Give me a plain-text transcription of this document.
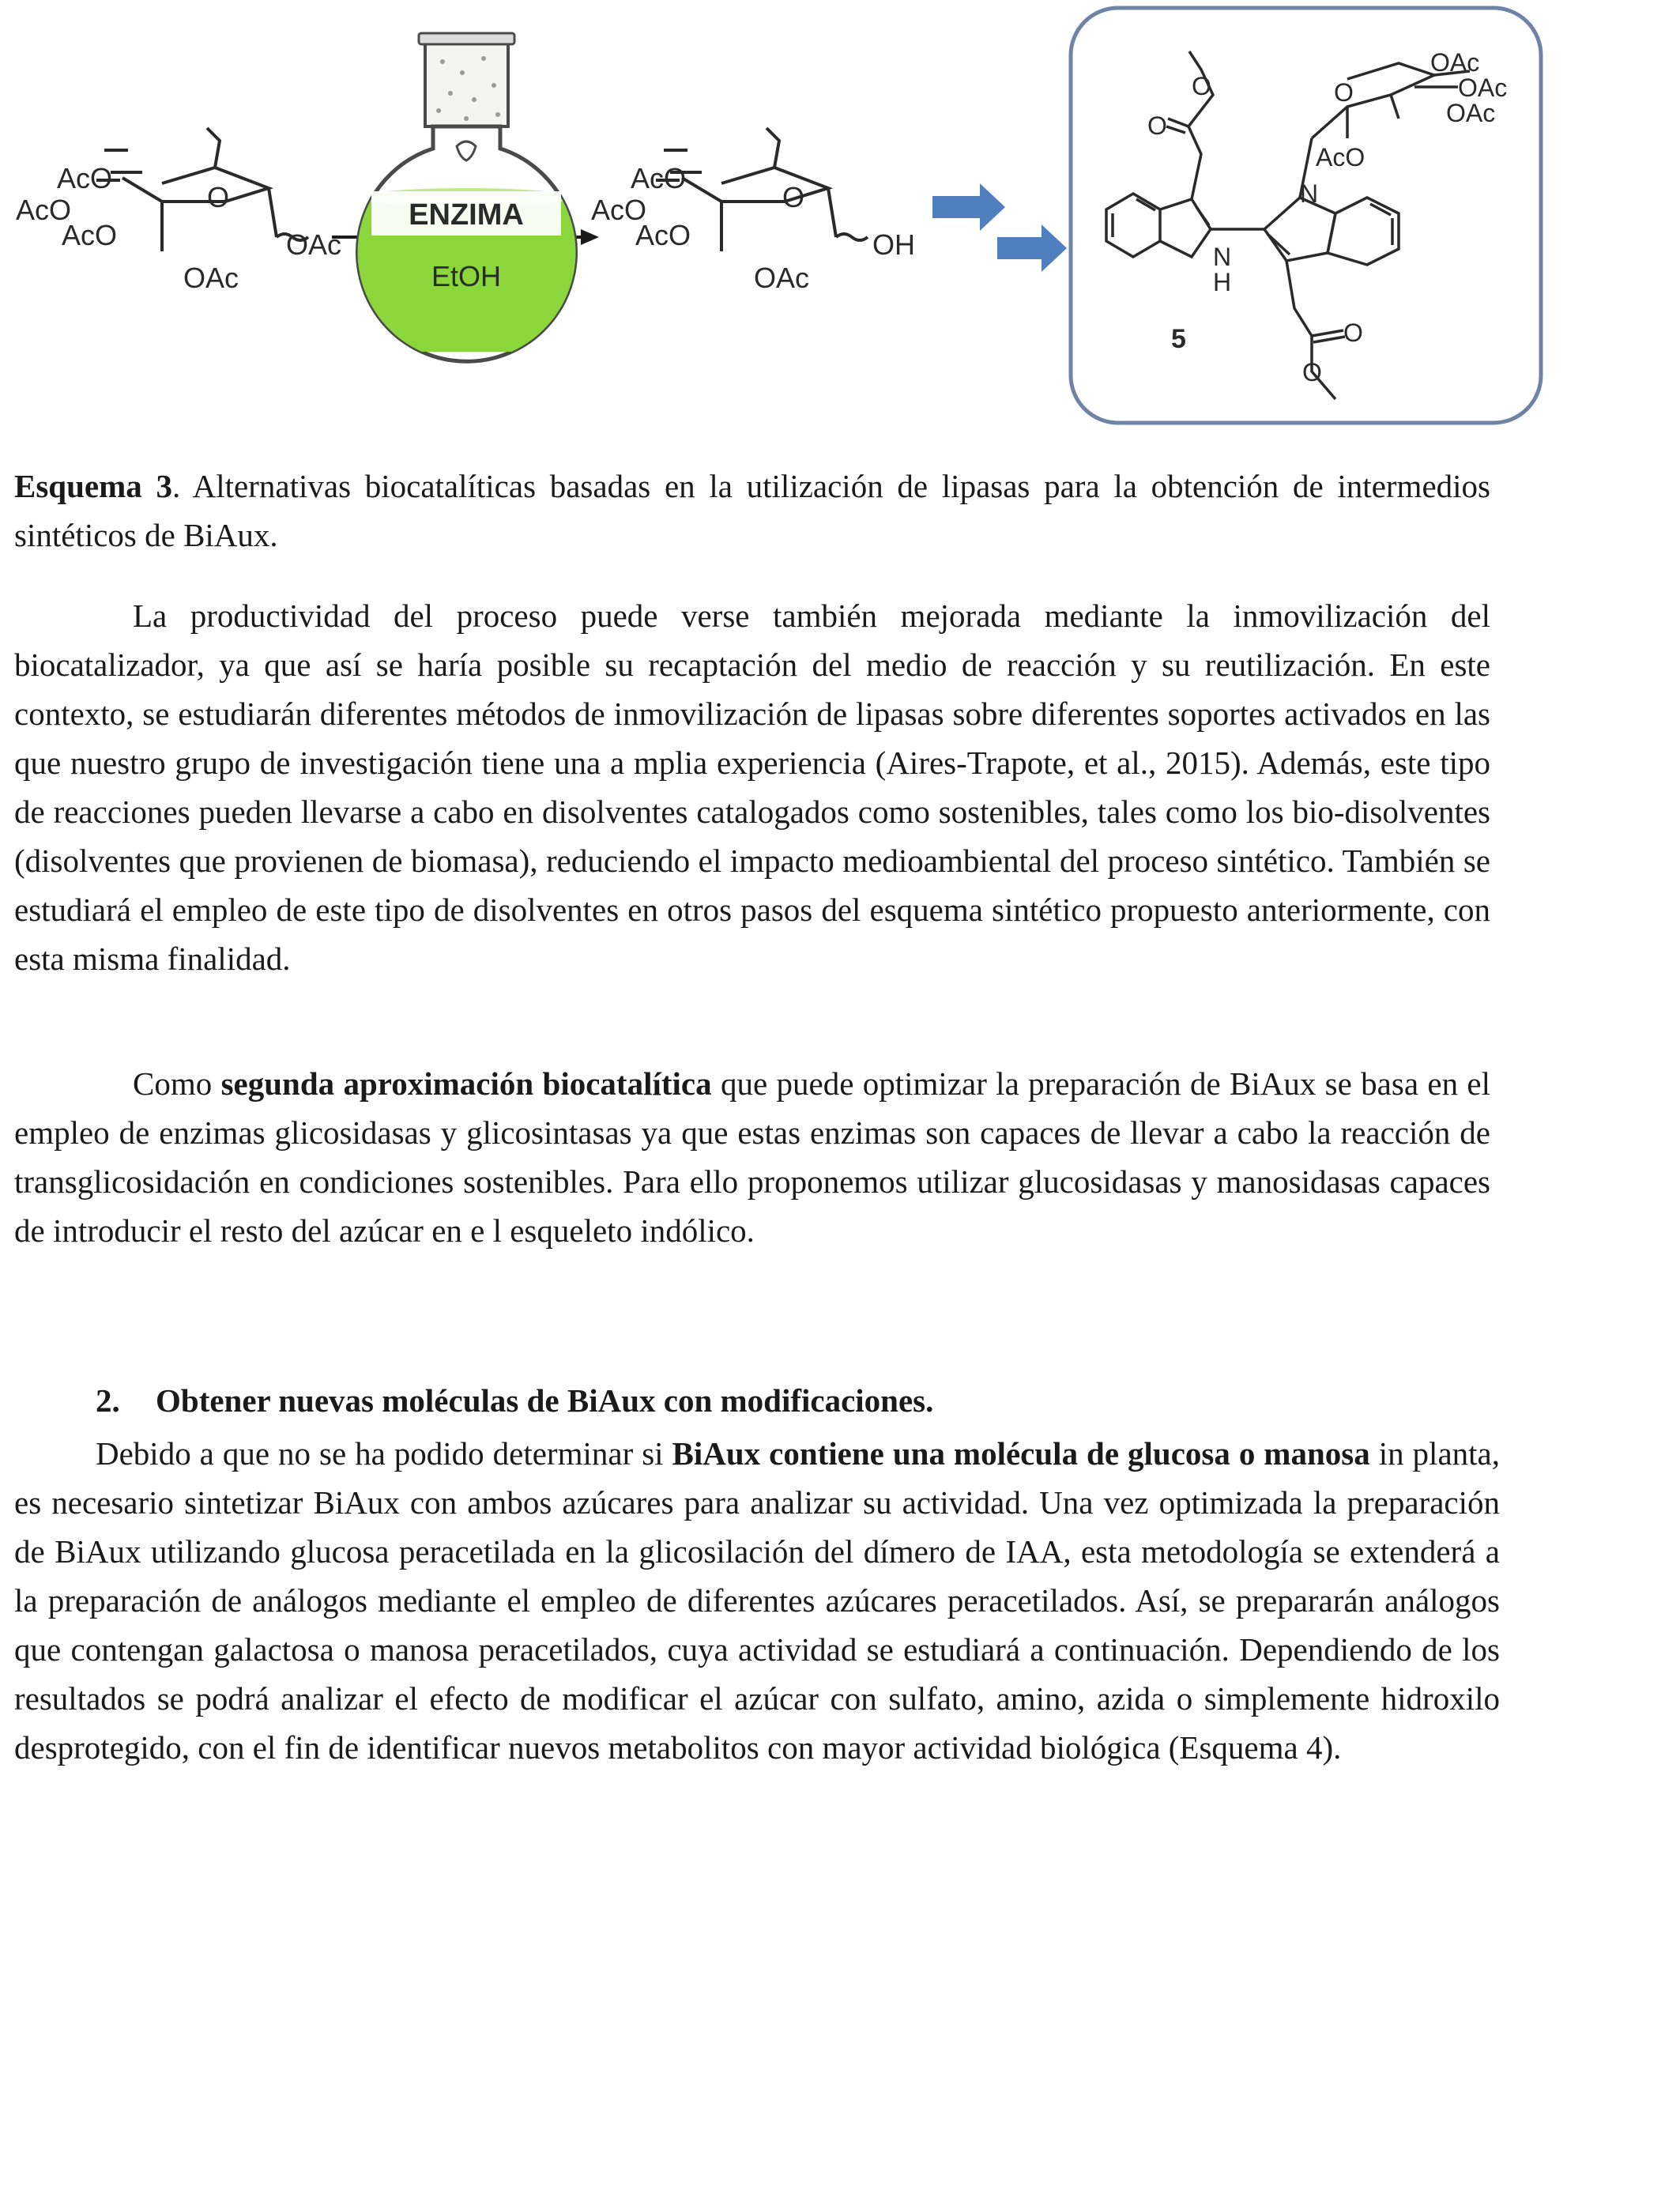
AcO
AcO
AcO
O
OAc
OAc
ENZIMA
EtOH
AcO
AcO
AcO
O
OH
OAc
O
O
O
O
N
H
N
O
OAc
OAc
OAc
AcO
5

Esquema 3. Alternativas biocatalíticas basadas en la utilización de lipasas para la obtención de intermedios sintéticos de BiAux.

La productividad del proceso puede verse también mejorada mediante la inmovilización del biocatalizador, ya que así se haría posible su recaptación del medio de reacción y su reutilización. En este contexto, se estudiarán diferentes métodos de inmovilización de lipasas sobre diferentes soportes activados en las que nuestro grupo de investigación tiene una a mplia experiencia (Aires-Trapote, et al., 2015). Además, este tipo de reacciones pueden llevarse a cabo en disolventes catalogados como sostenibles, tales como los bio-disolventes (disolventes que provienen de biomasa), reduciendo el impacto medioambiental del proceso sintético. También se estudiará el empleo de este tipo de disolventes en otros pasos del esquema sintético propuesto anteriormente, con esta misma finalidad.

Como segunda aproximación biocatalítica que puede optimizar la preparación de BiAux se basa en el empleo de enzimas glicosidasas y glicosintasas ya que estas enzimas son capaces de llevar a cabo la reacción de transglicosidación en condiciones sostenibles. Para ello proponemos utilizar glucosidasas y manosidasas capaces de introducir el resto del azúcar en e l esqueleto indólico.

2. Obtener nuevas moléculas de BiAux con modificaciones.

Debido a que no se ha podido determinar si BiAux contiene una molécula de glucosa o manosa in planta, es necesario sintetizar BiAux con ambos azúcares para analizar su actividad. Una vez optimizada la preparación de BiAux utilizando glucosa peracetilada en la glicosilación del dímero de IAA, esta metodología se extenderá a la preparación de análogos mediante el empleo de diferentes azúcares peracetilados. Así, se prepararán análogos que contengan galactosa o manosa peracetilados, cuya actividad se estudiará a continuación. Dependiendo de los resultados se podrá analizar el efecto de modificar el azúcar con sulfato, amino, azida o simplemente hidroxilo desprotegido, con el fin de identificar nuevos metabolitos con mayor actividad biológica (Esquema 4).
